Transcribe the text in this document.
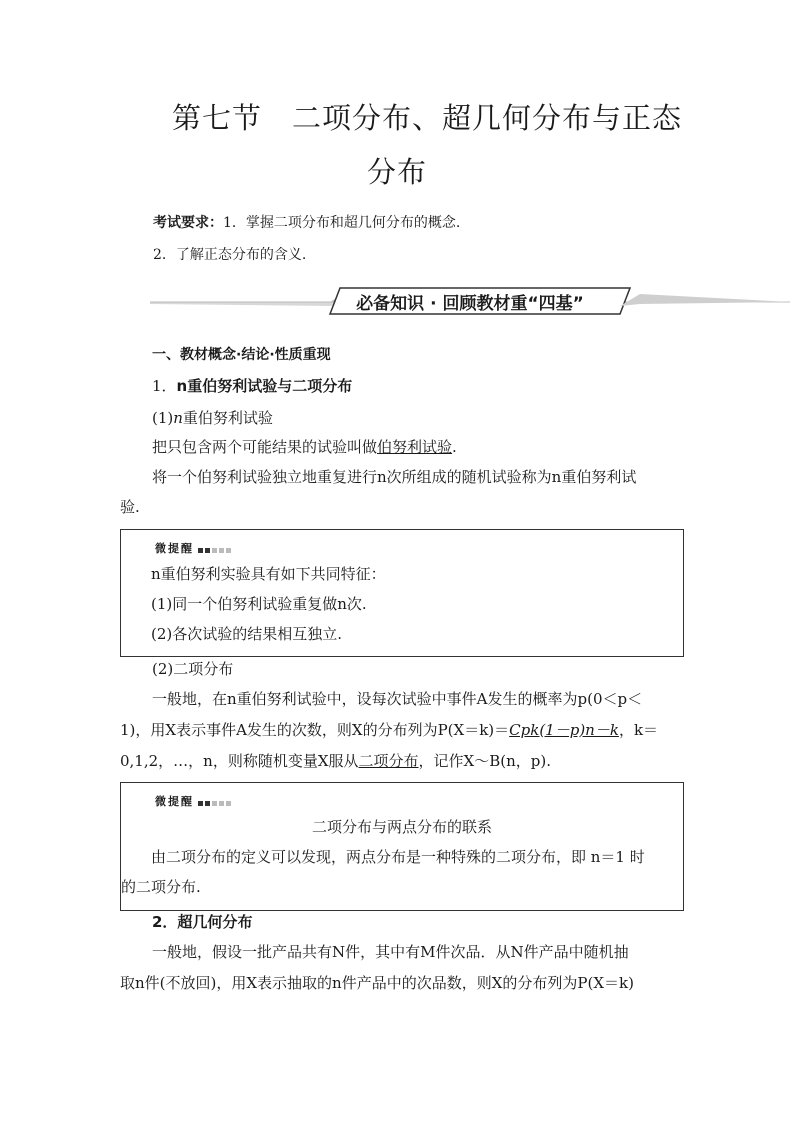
第七节　二项分布、超几何分布与正态
分布
考试要求：1．掌握二项分布和超几何分布的概念.
2．了解正态分布的含义.
必备知识 · 回顾教材重“四基”
一、教材概念·结论·性质重现
1．n重伯努利试验与二项分布
(1)n重伯努利试验
把只包含两个可能结果的试验叫做伯努利试验.
将一个伯努利试验独立地重复进行n次所组成的随机试验称为n重伯努利试
验.
微提醒
n重伯努利实验具有如下共同特征：
(1)同一个伯努利试验重复做n次.
(2)各次试验的结果相互独立.
(2)二项分布
一般地，在n重伯努利试验中，设每次试验中事件A发生的概率为p(0＜p＜
1)，用X表示事件A发生的次数，则X的分布列为P(X＝k)＝Cpk(1－p)n－k，k＝
0,1,2，…，n，则称随机变量X服从二项分布，记作X～B(n，p).
微提醒
二项分布与两点分布的联系
由二项分布的定义可以发现，两点分布是一种特殊的二项分布，即 n＝1 时
的二项分布.
2．超几何分布
一般地，假设一批产品共有N件，其中有M件次品．从N件产品中随机抽
取n件(不放回)，用X表示抽取的n件产品中的次品数，则X的分布列为P(X＝k)
